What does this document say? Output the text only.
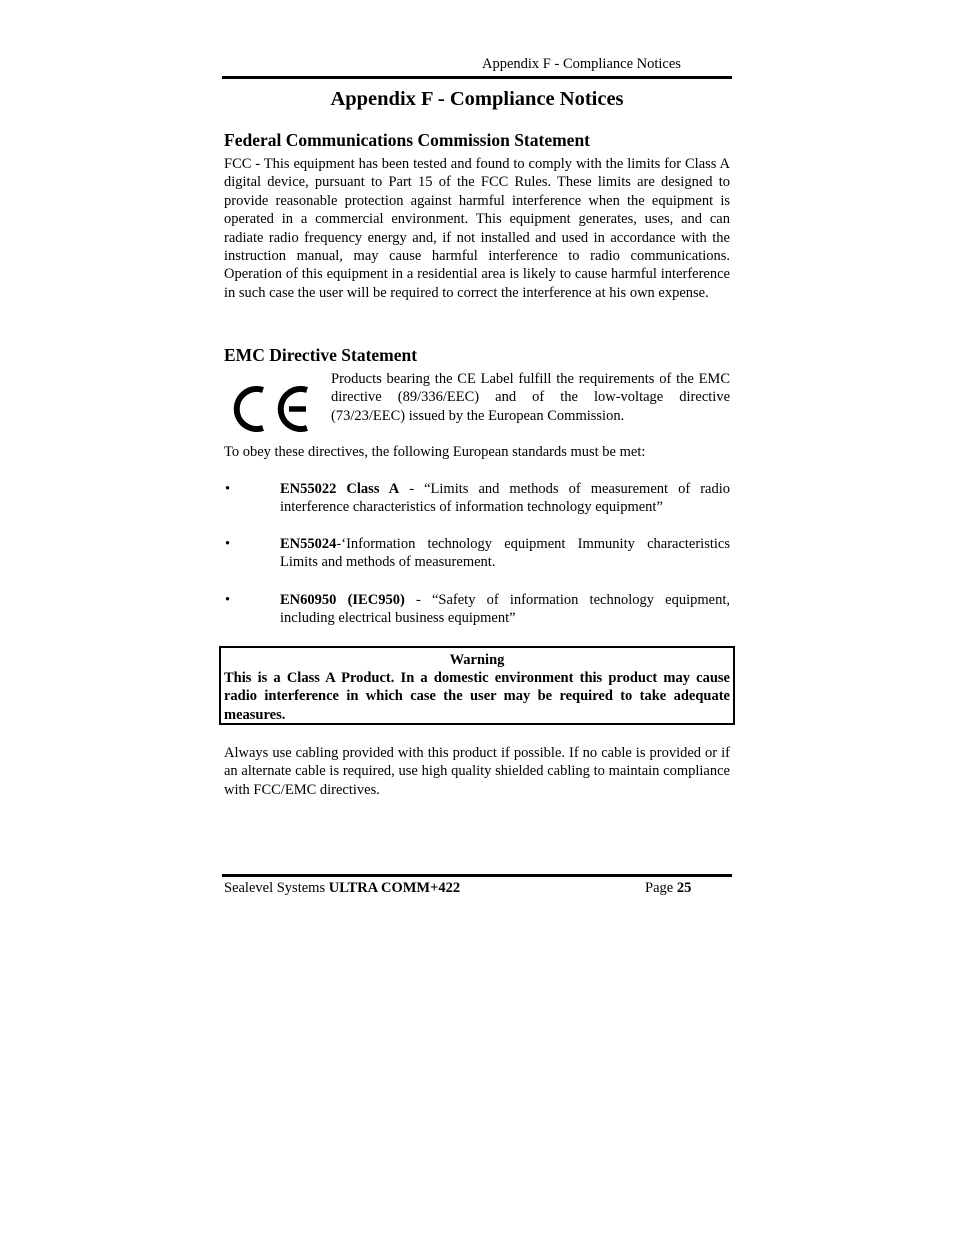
Appendix F - Compliance Notices
Appendix F - Compliance Notices
Federal Communications Commission Statement
FCC - This equipment has been tested and found to comply with the limits for Class A digital device, pursuant to Part 15 of the FCC Rules. These limits are designed to provide reasonable protection against harmful interference when the equipment is operated in a commercial environment. This equipment generates, uses, and can radiate radio frequency energy and, if not installed and used in accordance with the instruction manual, may cause harmful interference to radio communications. Operation of this equipment in a residential area is likely to cause harmful interference in such case the user will be required to correct the interference at his own expense.
EMC Directive Statement
Products bearing the CE Label fulfill the requirements of the EMC directive (89/336/EEC) and of the low-voltage directive (73/23/EEC) issued by the European Commission.
To obey these directives, the following European standards must be met:
•	EN55022 Class A - “Limits and methods of measurement of radio interference characteristics of information technology equipment”
•	EN55024-‘Information technology equipment Immunity characteristics Limits and methods of measurement.
•	EN60950 (IEC950) - “Safety of information technology equipment, including electrical business equipment”
Warning
This is a Class A Product. In a domestic environment this product may cause radio interference in which case the user may be required to take adequate measures.
Always use cabling provided with this product if possible. If no cable is provided or if an alternate cable is required, use high quality shielded cabling to maintain compliance with FCC/EMC directives.
Sealevel Systems ULTRA COMM+422	Page 25
